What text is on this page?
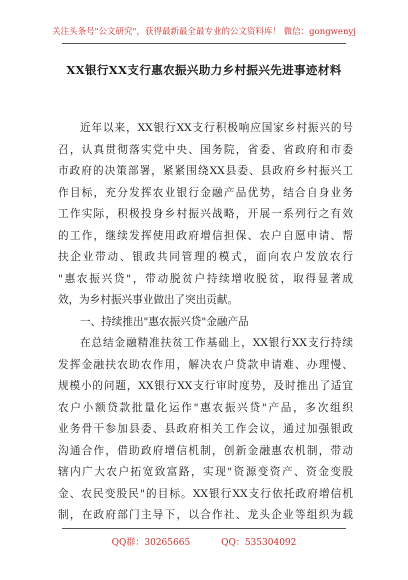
关注头条号"公文研究"，获得最新最全最专业的公文资料库！ 微信：gongwenyj
XX银行XX支行惠农振兴助力乡村振兴先进事迹材料
近年以来，XX银行XX支行积极响应国家乡村振兴的号
召，认真贯彻落实党中央、国务院，省委、省政府和市委
市政府的决策部署，紧紧围绕XX县委、县政府乡村振兴工
作目标，充分发挥农业银行金融产品优势，结合自身业务
工作实际，积极投身乡村振兴战略，开展一系列行之有效
的工作，继续发挥使用政府增信担保、农户自愿申请、帮
扶企业带动、银政共同管理的模式，面向农户发放农行
"惠农振兴贷"，带动脱贫户持续增收脱贫，取得显著成
效，为乡村振兴事业做出了突出贡献。
一、持续推出"惠农振兴贷"金融产品
在总结金融精准扶贫工作基础上，XX银行XX支行持续
发挥金融扶农助农作用，解决农户贷款申请难、办理慢、
规模小的问题，XX银行XX支行审时度势，及时推出了适宜
农户小额贷款批量化运作"惠农振兴贷"产品，多次组织
业务骨干参加县委、县政府相关工作会议，通过加强银政
沟通合作，借助政府增信机制，创新金融惠农机制，带动
辖内广大农户拓宽致富路，实现"资源变资产、资金变股
金、农民变股民"的目标。XX银行XX支行依托政府增信机
制，在政府部门主导下，以合作社、龙头企业等组织为载
QQ群：30265665	QQ：535304092
